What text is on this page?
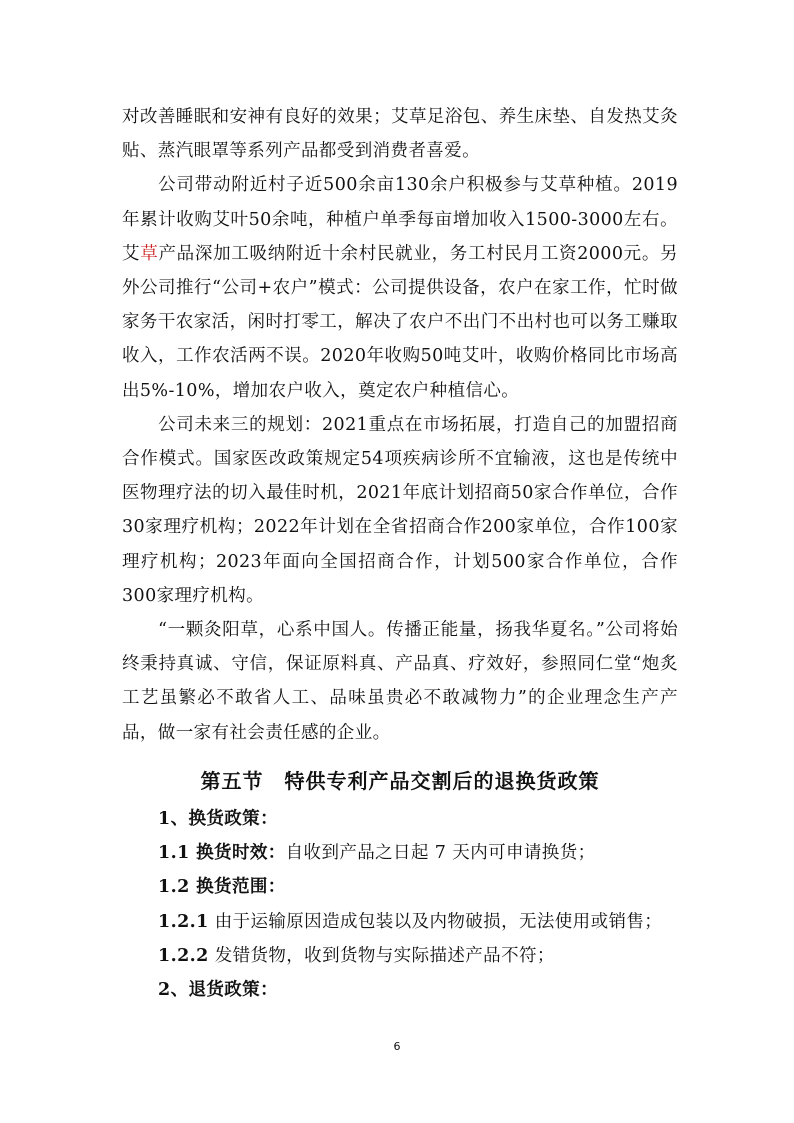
对改善睡眠和安神有良好的效果；艾草足浴包、养生床垫、自发热艾灸贴、蒸汽眼罩等系列产品都受到消费者喜爱。

公司带动附近村子近500余亩130余户积极参与艾草种植。2019年累计收购艾叶50余吨，种植户单季每亩增加收入1500-3000左右。艾草产品深加工吸纳附近十余村民就业，务工村民月工资2000元。另外公司推行“公司+农户”模式：公司提供设备，农户在家工作，忙时做家务干农家活，闲时打零工，解决了农户不出门不出村也可以务工赚取收入，工作农活两不误。2020年收购50吨艾叶，收购价格同比市场高出5%-10%，增加农户收入，奠定农户种植信心。

公司未来三的规划：2021重点在市场拓展，打造自己的加盟招商合作模式。国家医改政策规定54项疾病诊所不宜输液，这也是传统中医物理疗法的切入最佳时机，2021年底计划招商50家合作单位，合作30家理疗机构；2022年计划在全省招商合作200家单位，合作100家理疗机构；2023年面向全国招商合作，计划500家合作单位，合作300家理疗机构。

“一颗灸阳草，心系中国人。传播正能量，扬我华夏名。”公司将始终秉持真诚、守信，保证原料真、产品真、疗效好，参照同仁堂“炮炙工艺虽繁必不敢省人工、品味虽贵必不敢减物力”的企业理念生产产品，做一家有社会责任感的企业。

第五节　特供专利产品交割后的退换货政策
1、换货政策：
1.1 换货时效：自收到产品之日起 7 天内可申请换货；
1.2 换货范围：
1.2.1 由于运输原因造成包装以及内物破损，无法使用或销售；
1.2.2 发错货物，收到货物与实际描述产品不符；
2、退货政策：
6
